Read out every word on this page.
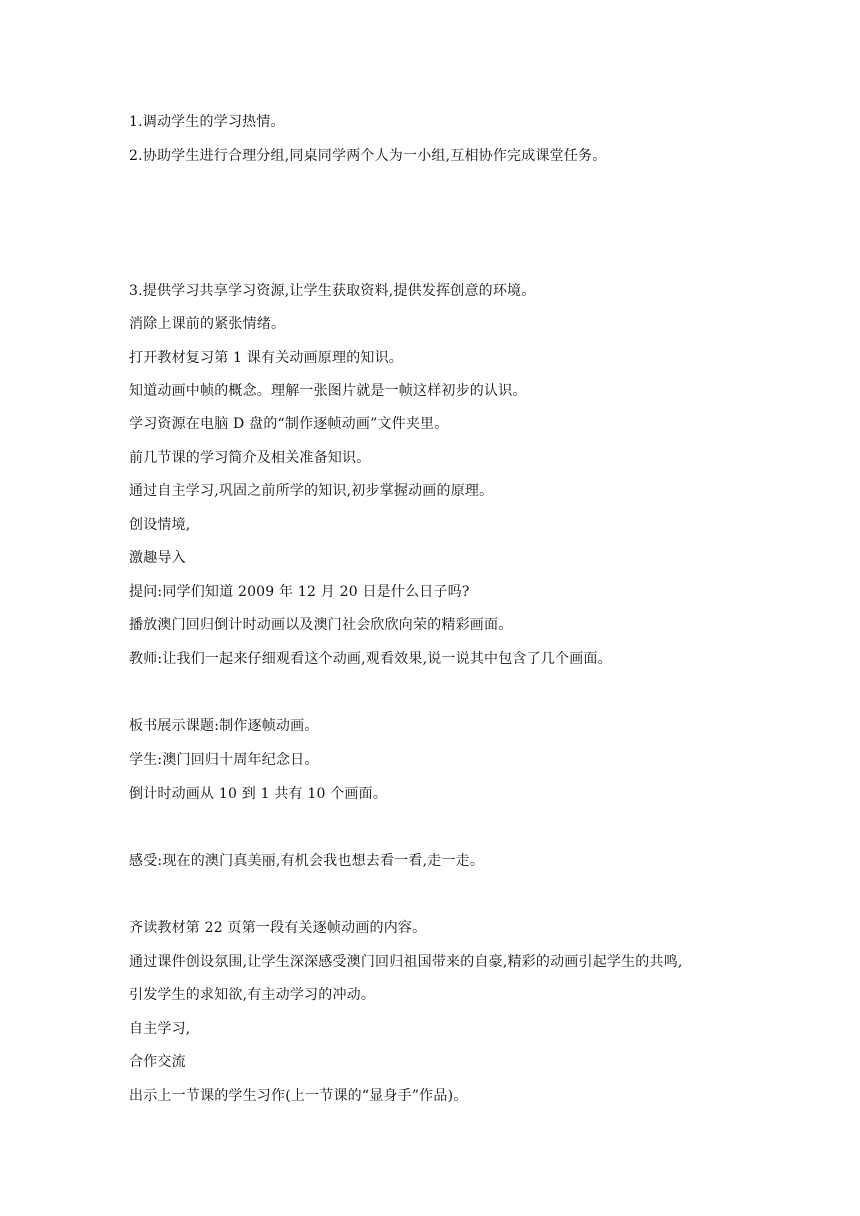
1.调动学生的学习热情。
2.协助学生进行合理分组,同桌同学两个人为一小组,互相协作完成课堂任务。
3.提供学习共享学习资源,让学生获取资料,提供发挥创意的环境。
消除上课前的紧张情绪。
打开教材复习第 1 课有关动画原理的知识。
知道动画中帧的概念。理解一张图片就是一帧这样初步的认识。
学习资源在电脑 D 盘的“制作逐帧动画”文件夹里。
前几节课的学习简介及相关准备知识。
通过自主学习,巩固之前所学的知识,初步掌握动画的原理。
创设情境,
激趣导入
提问:同学们知道 2009 年 12 月 20 日是什么日子吗?
播放澳门回归倒计时动画以及澳门社会欣欣向荣的精彩画面。
教师:让我们一起来仔细观看这个动画,观看效果,说一说其中包含了几个画面。
板书展示课题:制作逐帧动画。
学生:澳门回归十周年纪念日。
倒计时动画从 10 到 1 共有 10 个画面。
感受:现在的澳门真美丽,有机会我也想去看一看,走一走。
齐读教材第 22 页第一段有关逐帧动画的内容。
通过课件创设氛围,让学生深深感受澳门回归祖国带来的自豪,精彩的动画引起学生的共鸣,
引发学生的求知欲,有主动学习的冲动。
自主学习,
合作交流
出示上一节课的学生习作(上一节课的“显身手”作品)。
